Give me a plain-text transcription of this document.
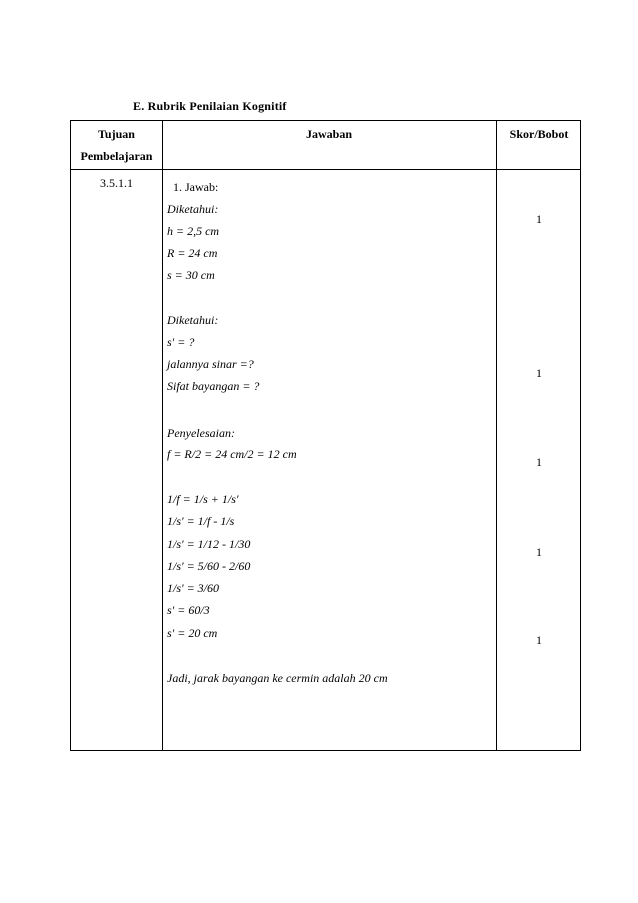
E. Rubrik Penilaian Kognitif
Tujuan
Pembelajaran
Jawaban	Skor/Bobot
3.5.1.1	1. Jawab:
Diketahui:
h = 2,5 cm
R = 24 cm
s = 30 cm
Diketahui:
s' = ?
jalannya sinar =?
Sifat bayangan = ?
Penyelesaian:
f = R/2 = 24 cm/2 = 12 cm
1/f = 1/s + 1/s'
1/s' = 1/f - 1/s
1/s' = 1/12 - 1/30
1/s' = 5/60 - 2/60
1/s' = 3/60
s' = 60/3
s' = 20 cm
Jadi, jarak bayangan ke cermin adalah 20 cm
1
1
1
1
1
